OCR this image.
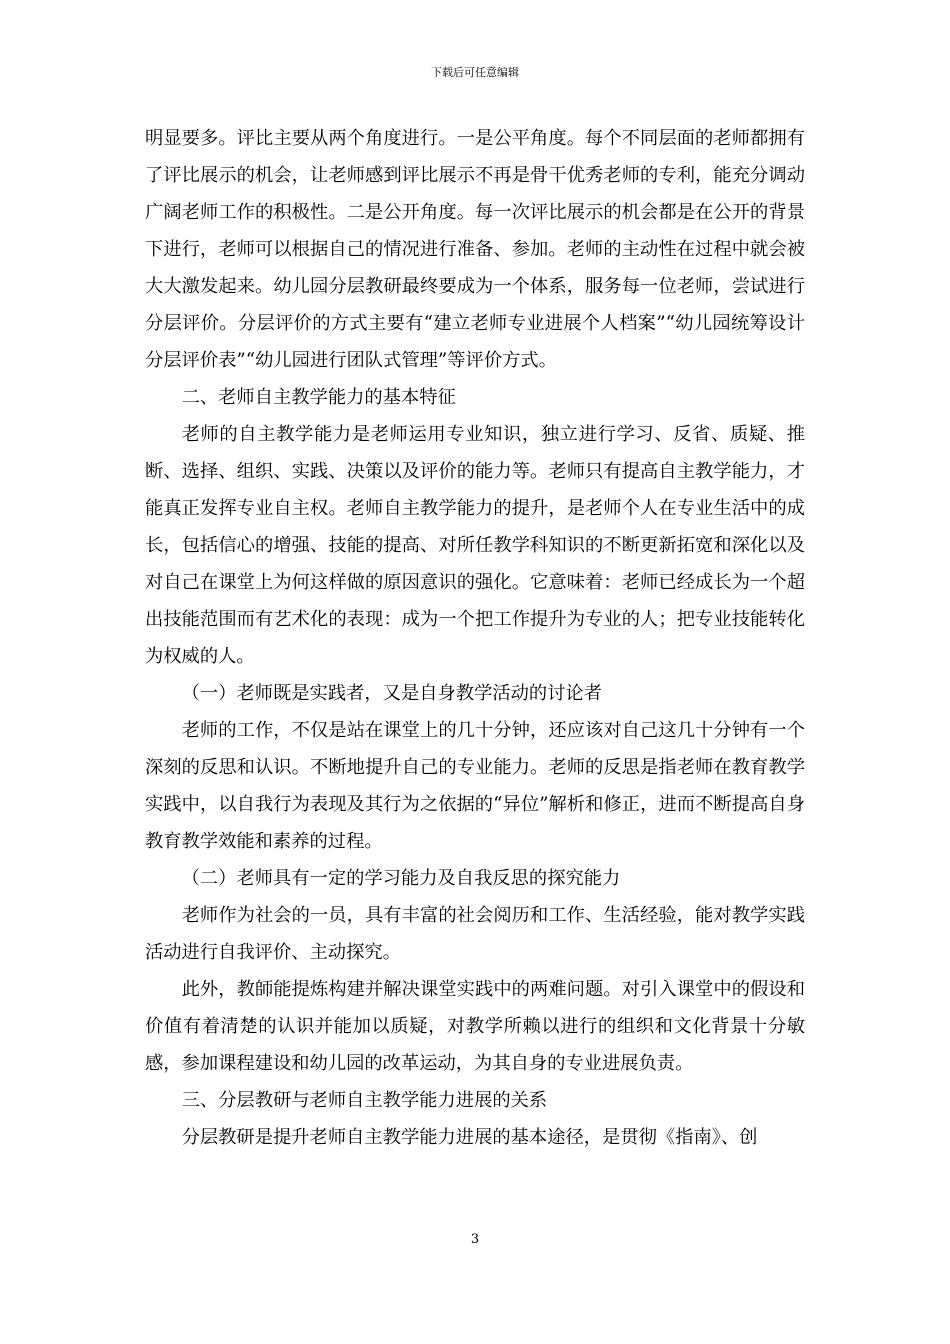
下载后可任意编辑

明显要多。评比主要从两个角度进行。一是公平角度。每个不同层面的老师都拥有了评比展示的机会，让老师感到评比展示不再是骨干优秀老师的专利，能充分调动广阔老师工作的积极性。二是公开角度。每一次评比展示的机会都是在公开的背景下进行，老师可以根据自己的情况进行准备、参加。老师的主动性在过程中就会被大大激发起来。幼儿园分层教研最终要成为一个体系，服务每一位老师，尝试进行分层评价。分层评价的方式主要有“建立老师专业进展个人档案”“幼儿园统筹设计分层评价表”“幼儿园进行团队式管理”等评价方式。

二、老师自主教学能力的基本特征

老师的自主教学能力是老师运用专业知识，独立进行学习、反省、质疑、推断、选择、组织、实践、决策以及评价的能力等。老师只有提高自主教学能力，才能真正发挥专业自主权。老师自主教学能力的提升，是老师个人在专业生活中的成长，包括信心的增强、技能的提高、对所任教学科知识的不断更新拓宽和深化以及对自己在课堂上为何这样做的原因意识的强化。它意味着：老师已经成长为一个超出技能范围而有艺术化的表现：成为一个把工作提升为专业的人；把专业技能转化为权威的人。

（一）老师既是实践者，又是自身教学活动的讨论者

老师的工作，不仅是站在课堂上的几十分钟，还应该对自己这几十分钟有一个深刻的反思和认识。不断地提升自己的专业能力。老师的反思是指老师在教育教学实践中，以自我行为表现及其行为之依据的“异位”解析和修正，进而不断提高自身教育教学效能和素养的过程。

（二）老师具有一定的学习能力及自我反思的探究能力

老师作为社会的一员，具有丰富的社会阅历和工作、生活经验，能对教学实践活动进行自我评价、主动探究。

此外，教師能提炼构建并解决课堂实践中的两难问题。对引入课堂中的假设和价值有着清楚的认识并能加以质疑，对教学所赖以进行的组织和文化背景十分敏感，参加课程建设和幼儿园的改革运动，为其自身的专业进展负责。

三、分层教研与老师自主教学能力进展的关系

分层教研是提升老师自主教学能力进展的基本途径，是贯彻《指南》、创

3
